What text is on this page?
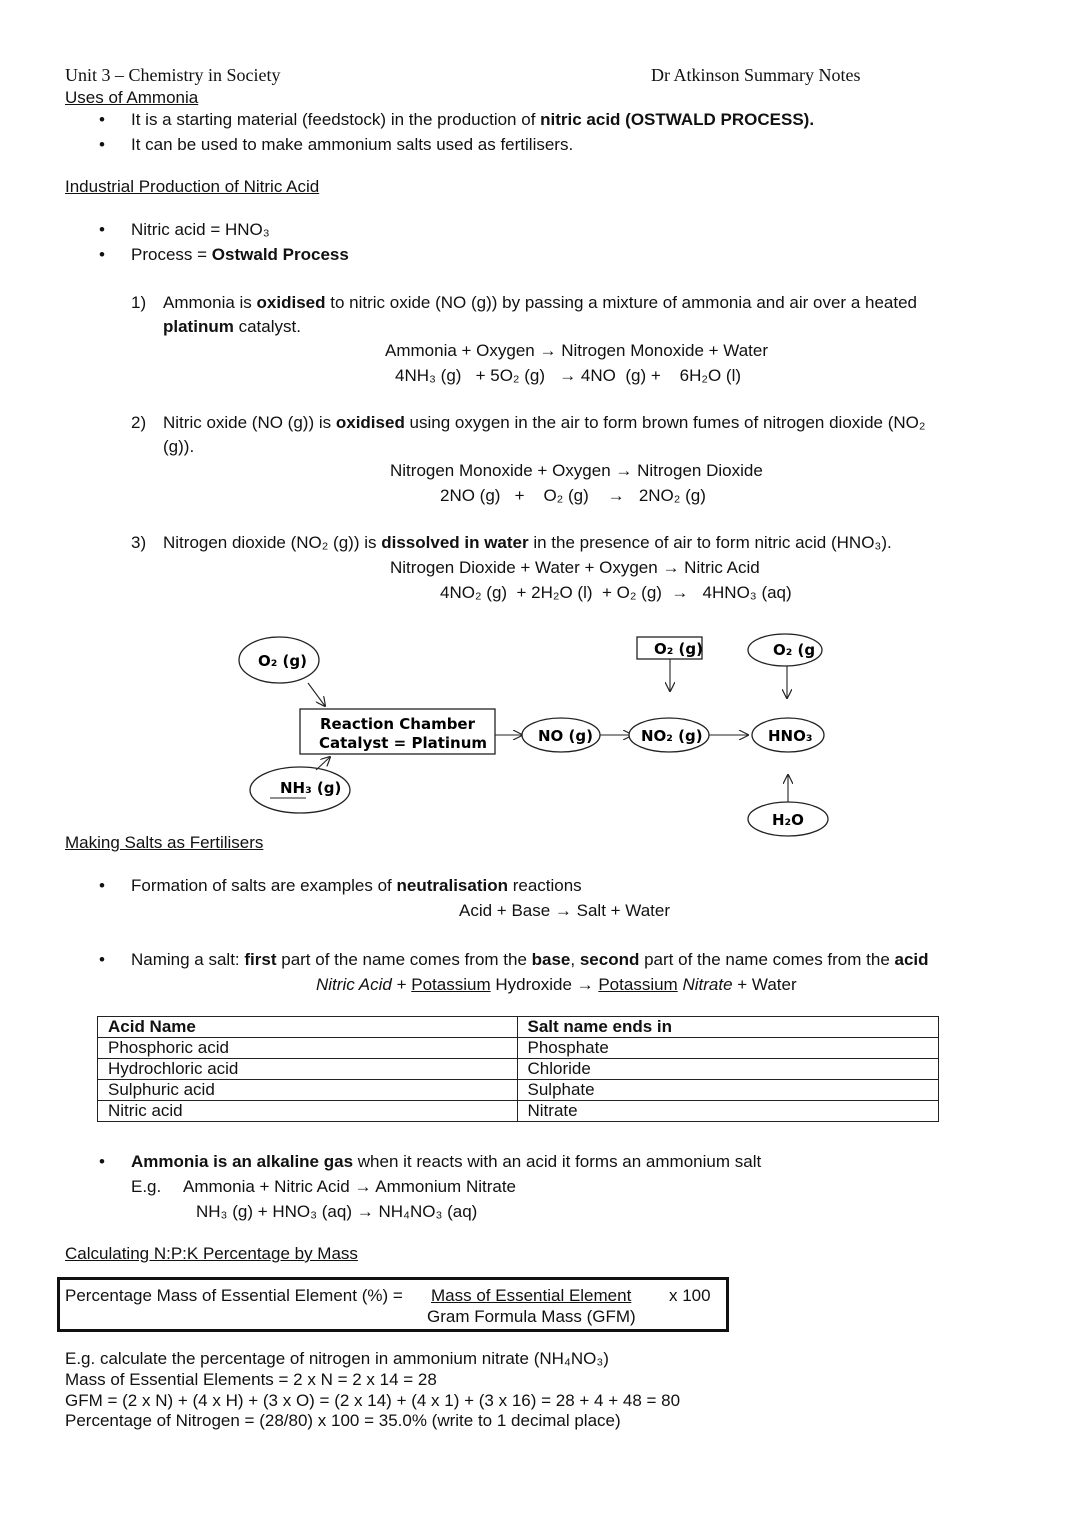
Unit 3 – Chemistry in Society	Dr Atkinson Summary Notes
Uses of Ammonia
• It is a starting material (feedstock) in the production of nitric acid (OSTWALD PROCESS).
• It can be used to make ammonium salts used as fertilisers.
Industrial Production of Nitric Acid
• Nitric acid = HNO₃
• Process = Ostwald Process
1) Ammonia is oxidised to nitric oxide (NO (g)) by passing a mixture of ammonia and air over a heated
platinum catalyst.
Ammonia + Oxygen → Nitrogen Monoxide + Water
4NH₃ (g)   + 5O₂ (g)   → 4NO  (g) +    6H₂O (l)
2) Nitric oxide (NO (g)) is oxidised using oxygen in the air to form brown fumes of nitrogen dioxide (NO₂
(g)).
Nitrogen Monoxide + Oxygen → Nitrogen Dioxide
2NO (g)   +    O₂ (g)    →   2NO₂ (g)
3) Nitrogen dioxide (NO₂ (g)) is dissolved in water in the presence of air to form nitric acid (HNO₃).
Nitrogen Dioxide + Water + Oxygen → Nitric Acid
4NO₂ (g)  + 2H₂O (l)  + O₂ (g)  →   4HNO₃ (aq)
O₂ (g)
NH₃ (g)
Reaction Chamber
Catalyst = Platinum	NO (g)	NO₂ (g)
O₂ (g)
HNO₃
O₂ (g
H₂O
Making Salts as Fertilisers
• Formation of salts are examples of neutralisation reactions
Acid + Base → Salt + Water
• Naming a salt: first part of the name comes from the base, second part of the name comes from the acid
Nitric Acid + Potassium Hydroxide → Potassium Nitrate + Water
Acid Name	Salt name ends in
Phosphoric acid	Phosphate
Hydrochloric acid	Chloride
Sulphuric acid	Sulphate
Nitric acid	Nitrate
• Ammonia is an alkaline gas when it reacts with an acid it forms an ammonium salt
E.g. Ammonia + Nitric Acid → Ammonium Nitrate
NH₃ (g) + HNO₃ (aq) → NH₄NO₃ (aq)
Calculating N:P:K Percentage by Mass
Percentage Mass of Essential Element (%) = Mass of Essential Element
Gram Formula Mass (GFM)
x 100
E.g. calculate the percentage of nitrogen in ammonium nitrate (NH₄NO₃)
Mass of Essential Elements = 2 x N = 2 x 14 = 28
GFM = (2 x N) + (4 x H) + (3 x O) = (2 x 14) + (4 x 1) + (3 x 16) = 28 + 4 + 48 = 80
Percentage of Nitrogen = (28/80) x 100 = 35.0% (write to 1 decimal place)
